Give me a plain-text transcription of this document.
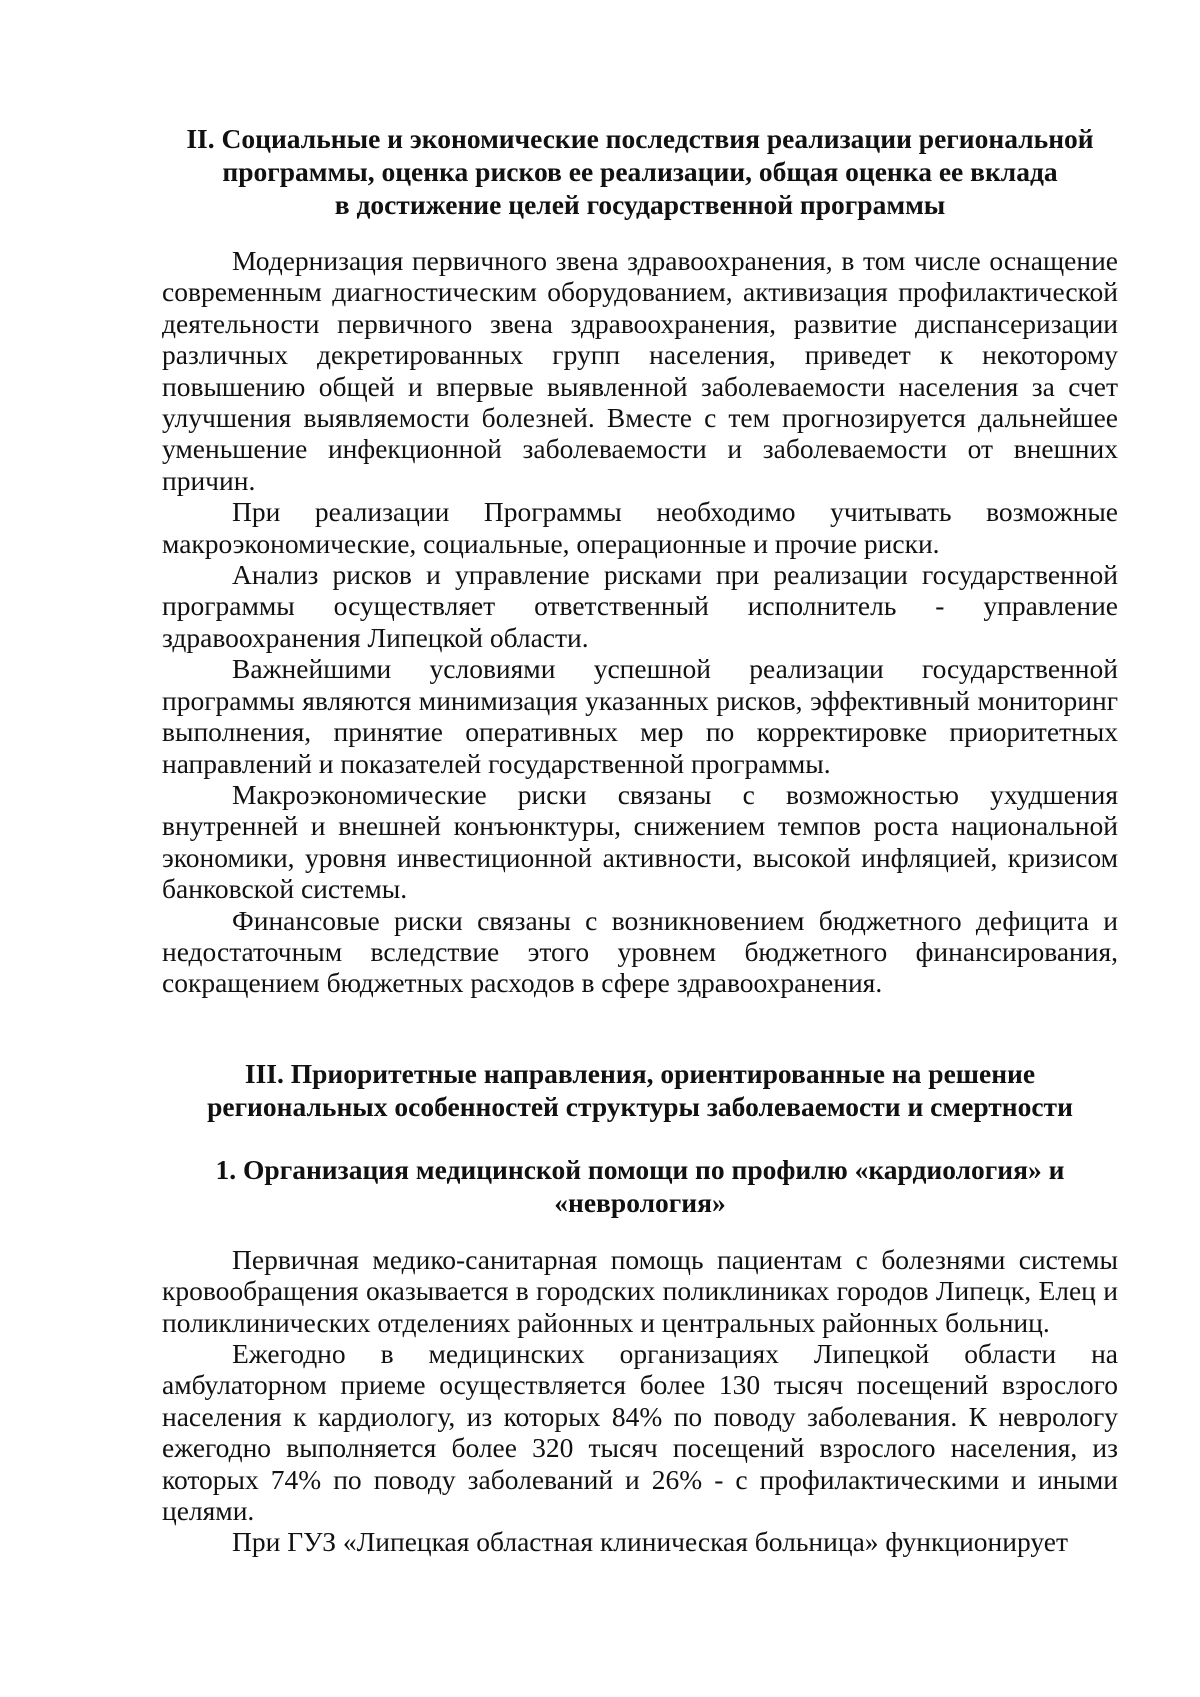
II. Социальные и экономические последствия реализации региональной
программы, оценка рисков ее реализации, общая оценка ее вклада
в достижение целей государственной программы

Модернизация первичного звена здравоохранения, в том числе оснащение современным диагностическим оборудованием, активизация профилактической деятельности первичного звена здравоохранения, развитие диспансеризации различных декретированных групп населения, приведет к некоторому повышению общей и впервые выявленной заболеваемости населения за счет улучшения выявляемости болезней. Вместе с тем прогнозируется дальнейшее уменьшение инфекционной заболеваемости и заболеваемости от внешних причин.

При реализации Программы необходимо учитывать возможные макроэкономические, социальные, операционные и прочие риски.

Анализ рисков и управление рисками при реализации государственной программы осуществляет ответственный исполнитель - управление здравоохранения Липецкой области.

Важнейшими условиями успешной реализации государственной программы являются минимизация указанных рисков, эффективный мониторинг выполнения, принятие оперативных мер по корректировке приоритетных направлений и показателей государственной программы.

Макроэкономические риски связаны с возможностью ухудшения внутренней и внешней конъюнктуры, снижением темпов роста национальной экономики, уровня инвестиционной активности, высокой инфляцией, кризисом банковской системы.

Финансовые риски связаны с возникновением бюджетного дефицита и недостаточным вследствие этого уровнем бюджетного финансирования, сокращением бюджетных расходов в сфере здравоохранения.

III. Приоритетные направления, ориентированные на решение
региональных особенностей структуры заболеваемости и смертности
1. Организация медицинской помощи по профилю «кардиология» и
«неврология»

Первичная медико-санитарная помощь пациентам с болезнями системы кровообращения оказывается в городских поликлиниках городов Липецк, Елец и поликлинических отделениях районных и центральных районных больниц.

Ежегодно в медицинских организациях Липецкой области на амбулаторном приеме осуществляется более 130 тысяч посещений взрослого населения к кардиологу, из которых 84% по поводу заболевания. К неврологу ежегодно выполняется более 320 тысяч посещений взрослого населения, из которых 74% по поводу заболеваний и 26% - с профилактическими и иными целями.

При ГУЗ «Липецкая областная клиническая больница» функционирует
